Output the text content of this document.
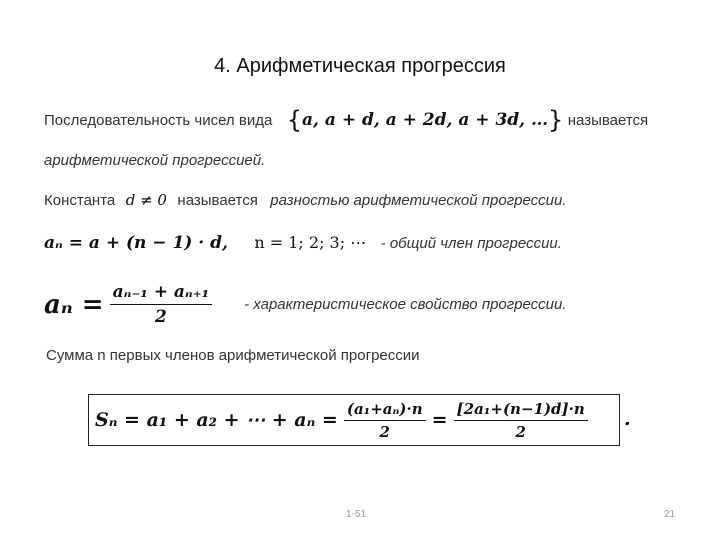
4. Арифметическая прогрессия
Последовательность чисел вида {a, a + d, a + 2d, a + 3d, …} называется
арифметической прогрессией.
Константа d ≠ 0 называется разностью арифметической прогрессии.
aₙ = a + (n − 1) · d, n = 1; 2; 3; ⋯ - общий член прогрессии.
$a_n = \frac{\text{aₙ₋₁ + aₙ₊₁}}{2}$ - характеристическое свойство прогрессии.
Сумма n первых членов арифметической прогрессии
Sₙ = a₁ + a₂ + ⋯ + $a_n = \frac{\text{(a₁+aₙ)·n}}{2} = \frac{\text{[2a₁+(n−1)d]·n}}{2}$ .
1-51	21
